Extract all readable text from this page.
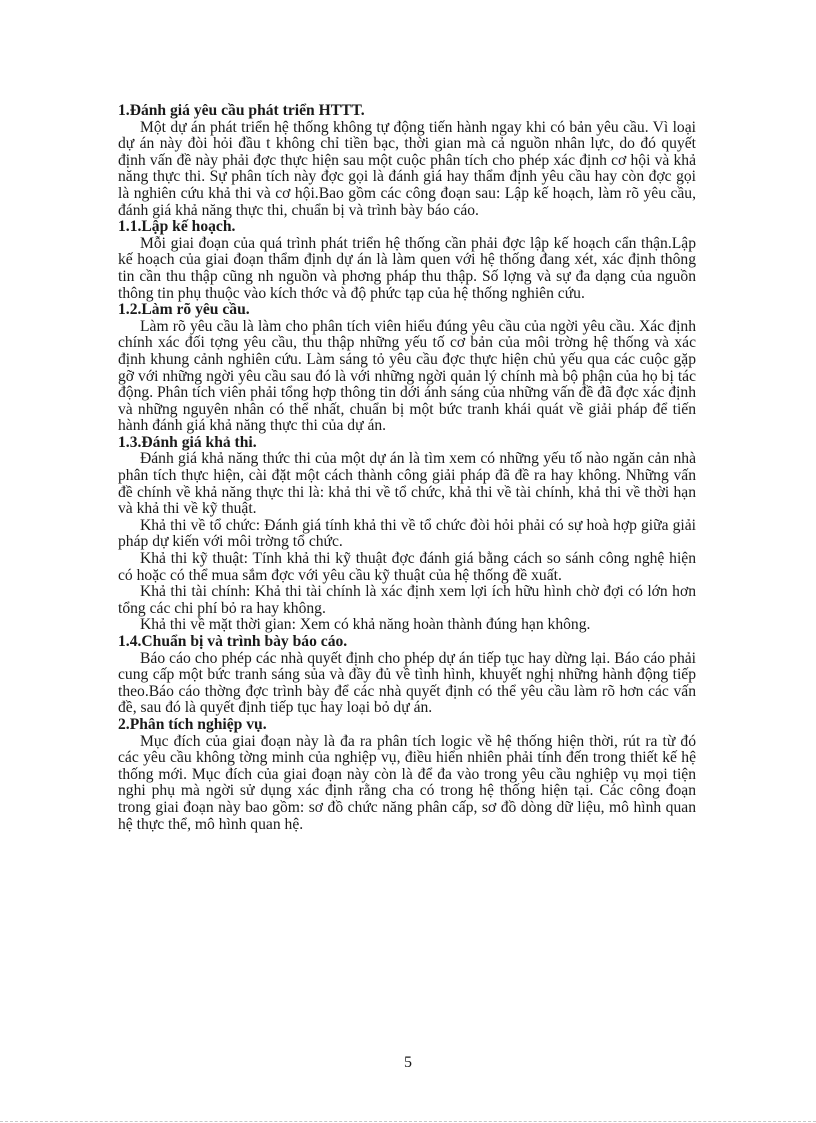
1.Đánh giá yêu cầu phát triển HTTT.

Một dự án phát triển hệ thống không tự động tiến hành ngay khi có bản yêu cầu. Vì loại dự án này đòi hỏi đầu t không chỉ tiền bạc, thời gian mà cả nguồn nhân lực, do đó quyết định vấn đề này phải đợc thực hiện sau một cuộc phân tích cho phép xác định cơ hội và khả năng thực thi. Sự phân tích này đợc gọi là đánh giá hay thẩm định yêu cầu hay còn đợc gọi là nghiên cứu khả thi và cơ hội.Bao gồm các công đoạn sau: Lập kế hoạch, làm rõ yêu cầu, đánh giá khả năng thực thi, chuẩn bị và trình bày báo cáo.

1.1.Lập kế hoạch.

Mỗi giai đoạn của quá trình phát triển hệ thống cần phải đợc lập kế hoạch cẩn thận.Lập kế hoạch của giai đoạn thẩm định dự án là làm quen với hệ thống đang xét, xác định thông tin cần thu thập cũng nh nguồn và phơng pháp thu thập. Số lợng và sự đa dạng của nguồn thông tin phụ thuộc vào kích thớc và độ phức tạp của hệ thống nghiên cứu.

1.2.Làm rõ yêu cầu.

Làm rõ yêu cầu là làm cho phân tích viên hiểu đúng yêu cầu của ngời yêu cầu. Xác định chính xác đối tợng yêu cầu, thu thập những yếu tố cơ bản của môi trờng hệ thống và xác định khung cảnh nghiên cứu. Làm sáng tỏ yêu cầu đợc thực hiện chủ yếu qua các cuộc gặp gỡ với những ngời yêu cầu sau đó là với những ngời quản lý chính mà bộ phận của họ bị tác động. Phân tích viên phải tổng hợp thông tin dới ánh sáng của những vấn đề đã đợc xác định và những nguyên nhân có thể nhất, chuẩn bị một bức tranh khái quát về giải pháp để tiến hành đánh giá khả năng thực thi của dự án.

1.3.Đánh giá khả thi.

Đánh giá khả năng thức thi của một dự án là tìm xem có những yếu tố nào ngăn cản nhà phân tích thực hiện, cài đặt một cách thành công giải pháp đã đề ra hay không. Những vấn đề chính về khả năng thực thi là: khả thi về tổ chức, khả thi về tài chính, khả thi về thời hạn và khả thi về kỹ thuật.

Khả thi về tổ chức: Đánh giá tính khả thi về tổ chức đòi hỏi phải có sự hoà hợp giữa giải pháp dự kiến với môi trờng tổ chức.

Khả thi kỹ thuật: Tính khả thi kỹ thuật đợc đánh giá bằng cách so sánh công nghệ hiện có hoặc có thể mua sắm đợc với yêu cầu kỹ thuật của hệ thống đề xuất.

Khả thi tài chính: Khả thi tài chính là xác định xem lợi ích hữu hình chờ đợi có lớn hơn tổng các chi phí bỏ ra hay không.

Khả thi về mặt thời gian: Xem có khả năng hoàn thành đúng hạn không.

1.4.Chuẩn bị và trình bày báo cáo.

Báo cáo cho phép các nhà quyết định cho phép dự án tiếp tục hay dừng lại. Báo cáo phải cung cấp một bức tranh sáng sủa và đầy đủ về tình hình, khuyết nghị những hành động tiếp theo.Báo cáo thờng đợc trình bày để các nhà quyết định có thể yêu cầu làm rõ hơn các vấn đề, sau đó là quyết định tiếp tục hay loại bỏ dự án.

2.Phân tích nghiệp vụ.

Mục đích của giai đoạn này là đa ra phân tích logic về hệ thống hiện thời, rút ra từ đó các yêu cầu không tờng minh của nghiệp vụ, điều hiển nhiên phải tính đến trong thiết kế hệ thống mới. Mục đích của giai đoạn này còn là để đa vào trong yêu cầu nghiệp vụ mọi tiện nghi phụ mà ngời sử dụng xác định rằng cha có trong hệ thống hiện tại. Các công đoạn trong giai đoạn này bao gồm: sơ đồ chức năng phân cấp, sơ đồ dòng dữ liệu, mô hình quan hệ thực thể, mô hình quan hệ.

5
